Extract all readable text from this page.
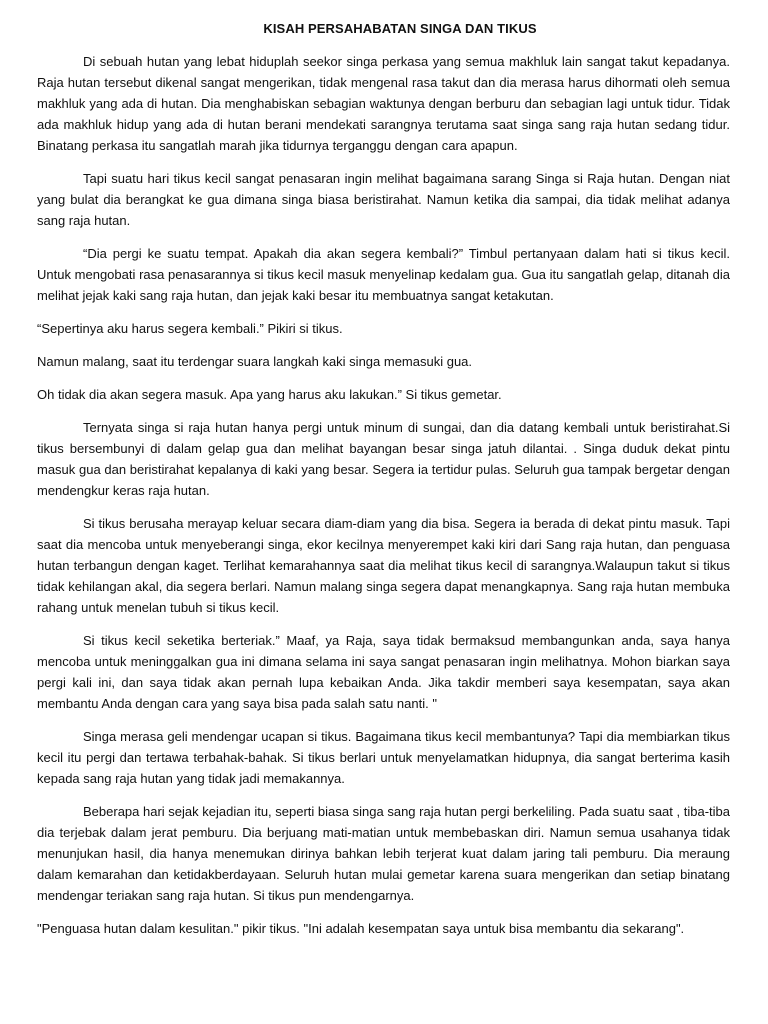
KISAH PERSAHABATAN SINGA DAN TIKUS

Di sebuah hutan yang lebat hiduplah seekor singa perkasa yang semua makhluk lain sangat takut kepadanya. Raja hutan tersebut dikenal sangat mengerikan, tidak mengenal rasa takut dan dia merasa harus dihormati oleh semua makhluk yang ada di hutan. Dia menghabiskan sebagian waktunya dengan berburu dan sebagian lagi untuk tidur. Tidak ada makhluk hidup yang ada di hutan berani mendekati sarangnya terutama saat singa sang raja hutan sedang tidur. Binatang perkasa itu sangatlah marah jika tidurnya terganggu dengan cara apapun.

Tapi suatu hari tikus kecil sangat penasaran ingin melihat bagaimana sarang Singa si Raja hutan. Dengan niat yang bulat dia berangkat ke gua dimana singa biasa beristirahat. Namun ketika dia sampai, dia tidak melihat adanya sang raja hutan.

“Dia pergi ke suatu tempat. Apakah dia akan segera kembali?” Timbul pertanyaan dalam hati si tikus kecil. Untuk mengobati rasa penasarannya si tikus kecil masuk menyelinap kedalam gua. Gua itu sangatlah gelap, ditanah dia melihat jejak kaki sang raja hutan, dan jejak kaki besar itu membuatnya sangat ketakutan.

“Sepertinya aku harus segera kembali.” Pikiri si tikus.

Namun malang, saat itu terdengar suara langkah kaki singa memasuki gua.

Oh tidak dia akan segera masuk. Apa yang harus aku lakukan.” Si tikus gemetar.

Ternyata singa si raja hutan hanya pergi untuk minum di sungai, dan dia datang kembali untuk beristirahat.Si tikus bersembunyi di dalam gelap gua dan melihat bayangan besar singa jatuh dilantai. . Singa duduk dekat pintu masuk gua dan beristirahat kepalanya di kaki yang besar. Segera ia tertidur pulas. Seluruh gua tampak bergetar dengan mendengkur keras raja hutan.

Si tikus berusaha merayap keluar secara diam-diam yang dia bisa. Segera ia berada di dekat pintu masuk. Tapi saat dia mencoba untuk menyeberangi singa, ekor kecilnya menyerempet kaki kiri dari Sang raja hutan, dan penguasa hutan terbangun dengan kaget. Terlihat kemarahannya saat dia melihat tikus kecil di sarangnya.Walaupun takut si tikus tidak kehilangan akal, dia segera berlari. Namun malang singa segera dapat menangkapnya. Sang raja hutan membuka rahang untuk menelan tubuh si tikus kecil.

Si tikus kecil seketika berteriak.” Maaf, ya Raja, saya tidak bermaksud membangunkan anda, saya hanya mencoba untuk meninggalkan gua ini dimana selama ini saya sangat penasaran ingin melihatnya. Mohon biarkan saya pergi kali ini, dan saya tidak akan pernah lupa kebaikan Anda. Jika takdir memberi saya kesempatan, saya akan membantu Anda dengan cara yang saya bisa pada salah satu nanti. "

Singa merasa geli mendengar ucapan si tikus. Bagaimana tikus kecil membantunya? Tapi dia membiarkan tikus kecil itu pergi dan tertawa terbahak-bahak. Si tikus berlari untuk menyelamatkan hidupnya, dia sangat berterima kasih kepada sang raja hutan yang tidak jadi memakannya.

Beberapa hari sejak kejadian itu, seperti biasa singa sang raja hutan pergi berkeliling. Pada suatu saat , tiba-tiba dia terjebak dalam jerat pemburu. Dia berjuang mati-matian untuk membebaskan diri. Namun semua usahanya tidak menunjukan hasil, dia hanya menemukan dirinya bahkan lebih terjerat kuat dalam jaring tali pemburu. Dia meraung dalam kemarahan dan ketidakberdayaan. Seluruh hutan mulai gemetar karena suara mengerikan dan setiap binatang mendengar teriakan sang raja hutan. Si tikus pun mendengarnya.

"Penguasa hutan dalam kesulitan." pikir tikus. "Ini adalah kesempatan saya untuk bisa membantu dia sekarang".
